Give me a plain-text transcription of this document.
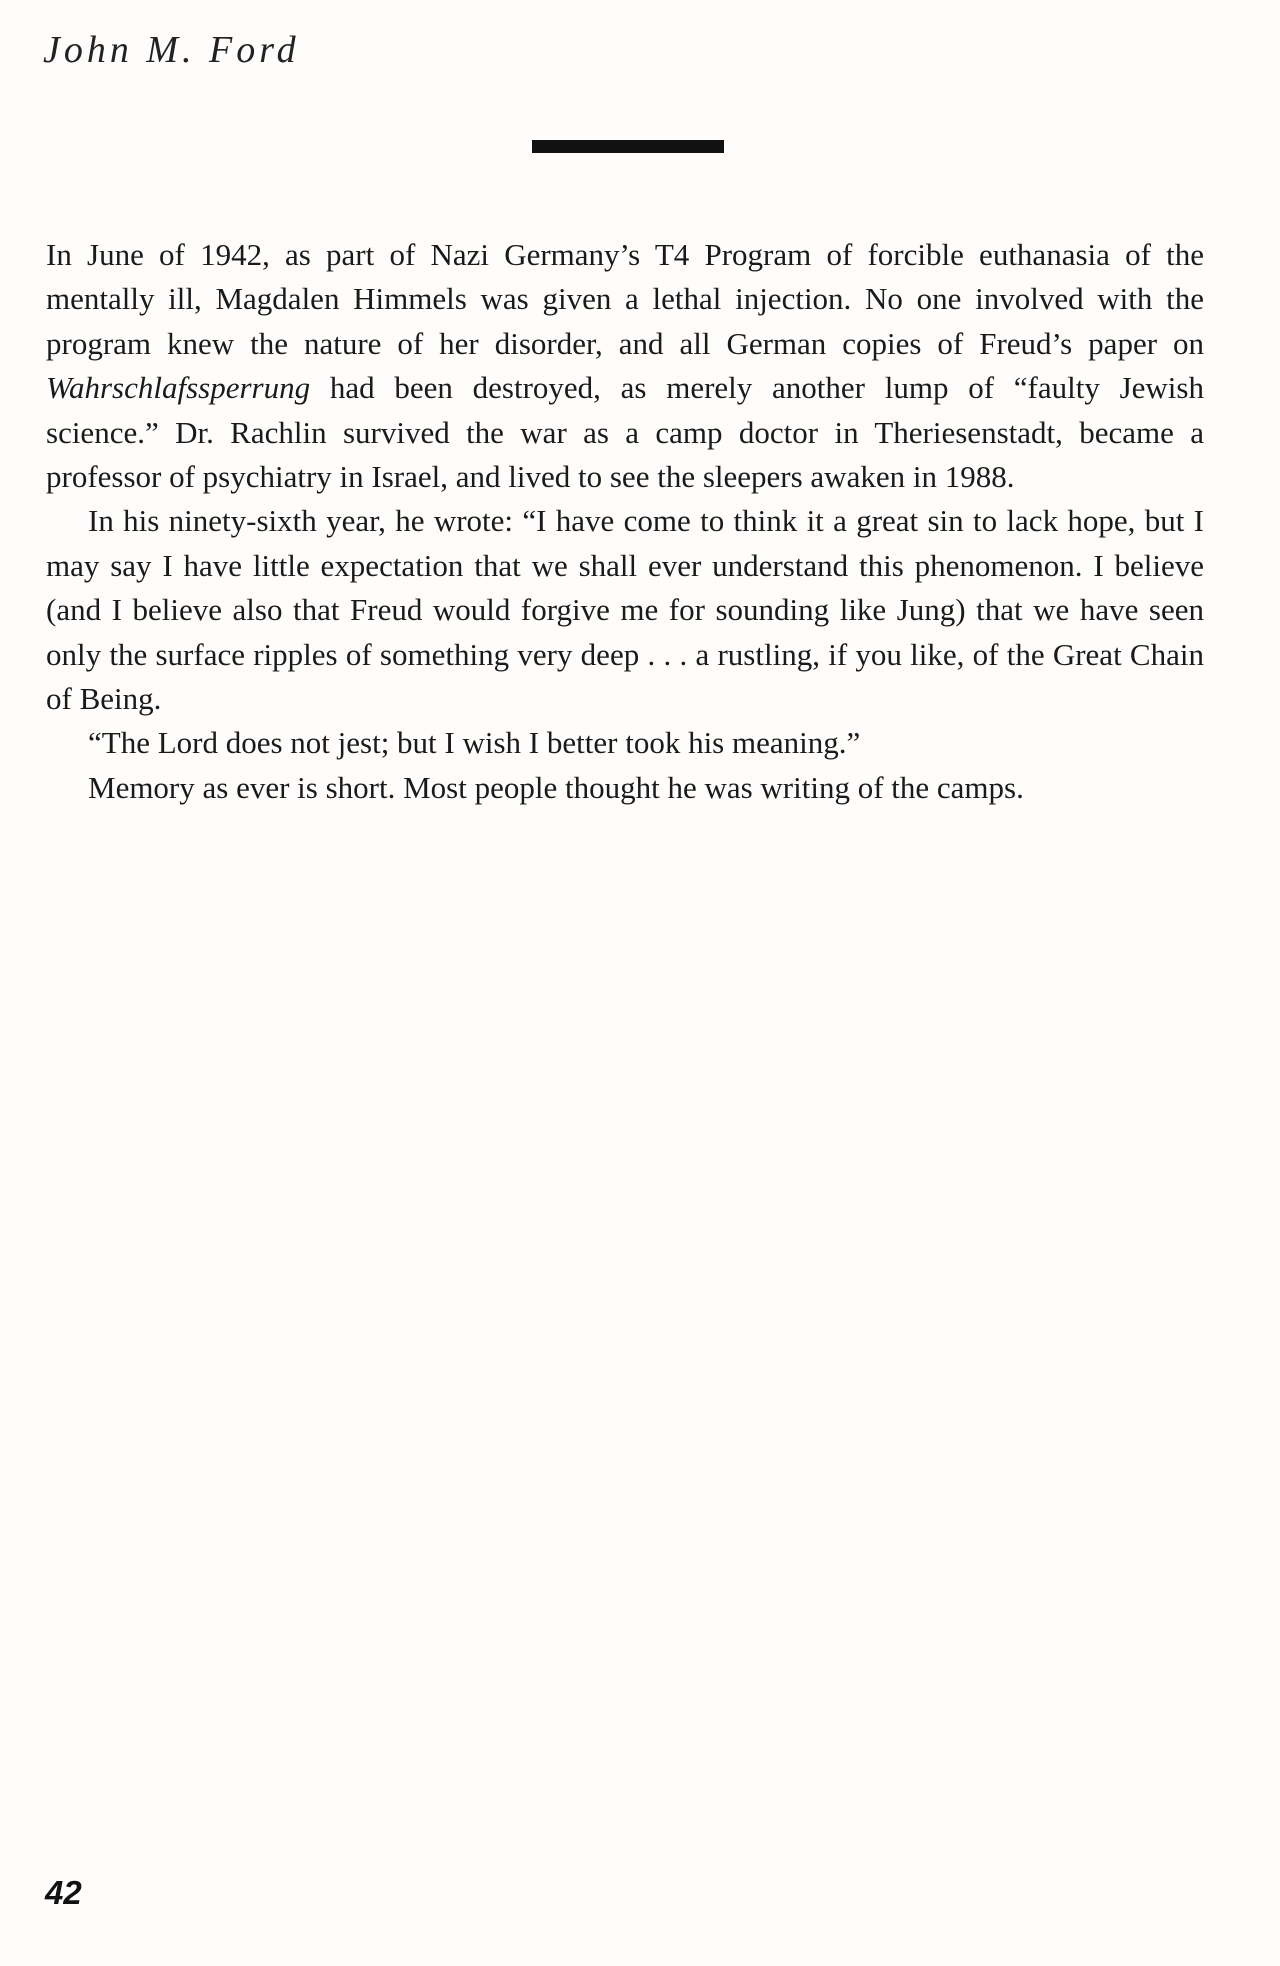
John M. Ford

In June of 1942, as part of Nazi Germany’s T4 Program of forcible euthanasia of the mentally ill, Magdalen Himmels was given a lethal injection. No one involved with the program knew the nature of her disorder, and all German copies of Freud’s paper on Wahrschlafssperrung had been destroyed, as merely another lump of “faulty Jewish science.” Dr. Rachlin survived the war as a camp doctor in Theriesenstadt, became a professor of psychiatry in Israel, and lived to see the sleepers awaken in 1988.

In his ninety-sixth year, he wrote: “I have come to think it a great sin to lack hope, but I may say I have little expectation that we shall ever understand this phenomenon. I believe (and I believe also that Freud would forgive me for sounding like Jung) that we have seen only the surface ripples of something very deep . . . a rustling, if you like, of the Great Chain of Being.

“The Lord does not jest; but I wish I better took his meaning.”

Memory as ever is short. Most people thought he was writing of the camps.

42
